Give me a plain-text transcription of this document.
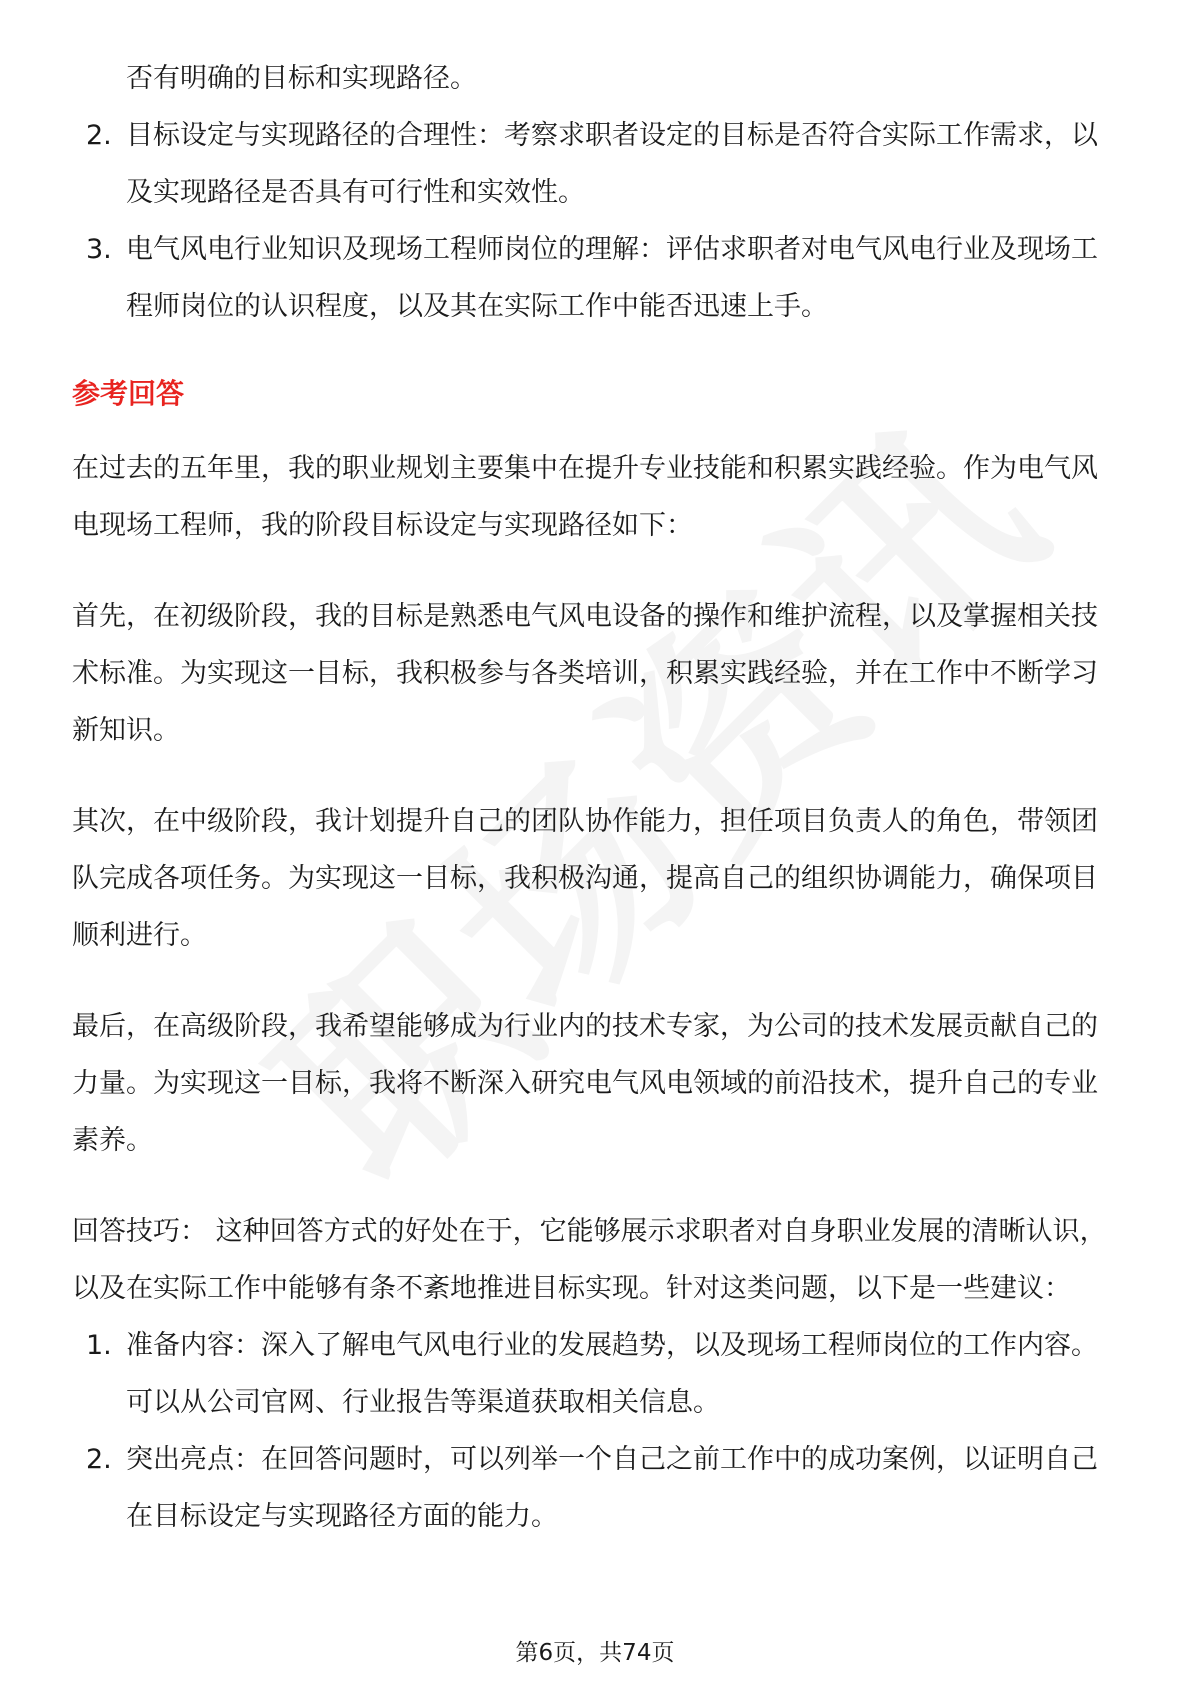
否有明确的目标和实现路径。

2. 目标设定与实现路径的合理性：考察求职者设定的目标是否符合实际工作需求，以及实现路径是否具有可行性和实效性。
3. 电气风电行业知识及现场工程师岗位的理解：评估求职者对电气风电行业及现场工程师岗位的认识程度，以及其在实际工作中能否迅速上手。
参考回答

在过去的五年里，我的职业规划主要集中在提升专业技能和积累实践经验。作为电气风电现场工程师，我的阶段目标设定与实现路径如下：

首先，在初级阶段，我的目标是熟悉电气风电设备的操作和维护流程，以及掌握相关技术标准。为实现这一目标，我积极参与各类培训，积累实践经验，并在工作中不断学习新知识。

其次，在中级阶段，我计划提升自己的团队协作能力，担任项目负责人的角色，带领团队完成各项任务。为实现这一目标，我积极沟通，提高自己的组织协调能力，确保项目顺利进行。

最后，在高级阶段，我希望能够成为行业内的技术专家，为公司的技术发展贡献自己的力量。为实现这一目标，我将不断深入研究电气风电领域的前沿技术，提升自己的专业素养。

回答技巧： 这种回答方式的好处在于，它能够展示求职者对自身职业发展的清晰认识，以及在实际工作中能够有条不紊地推进目标实现。针对这类问题，以下是一些建议：

1. 准备内容：深入了解电气风电行业的发展趋势，以及现场工程师岗位的工作内容。可以从公司官网、行业报告等渠道获取相关信息。
2. 突出亮点：在回答问题时，可以列举一个自己之前工作中的成功案例，以证明自己在目标设定与实现路径方面的能力。
第6页，共74页
